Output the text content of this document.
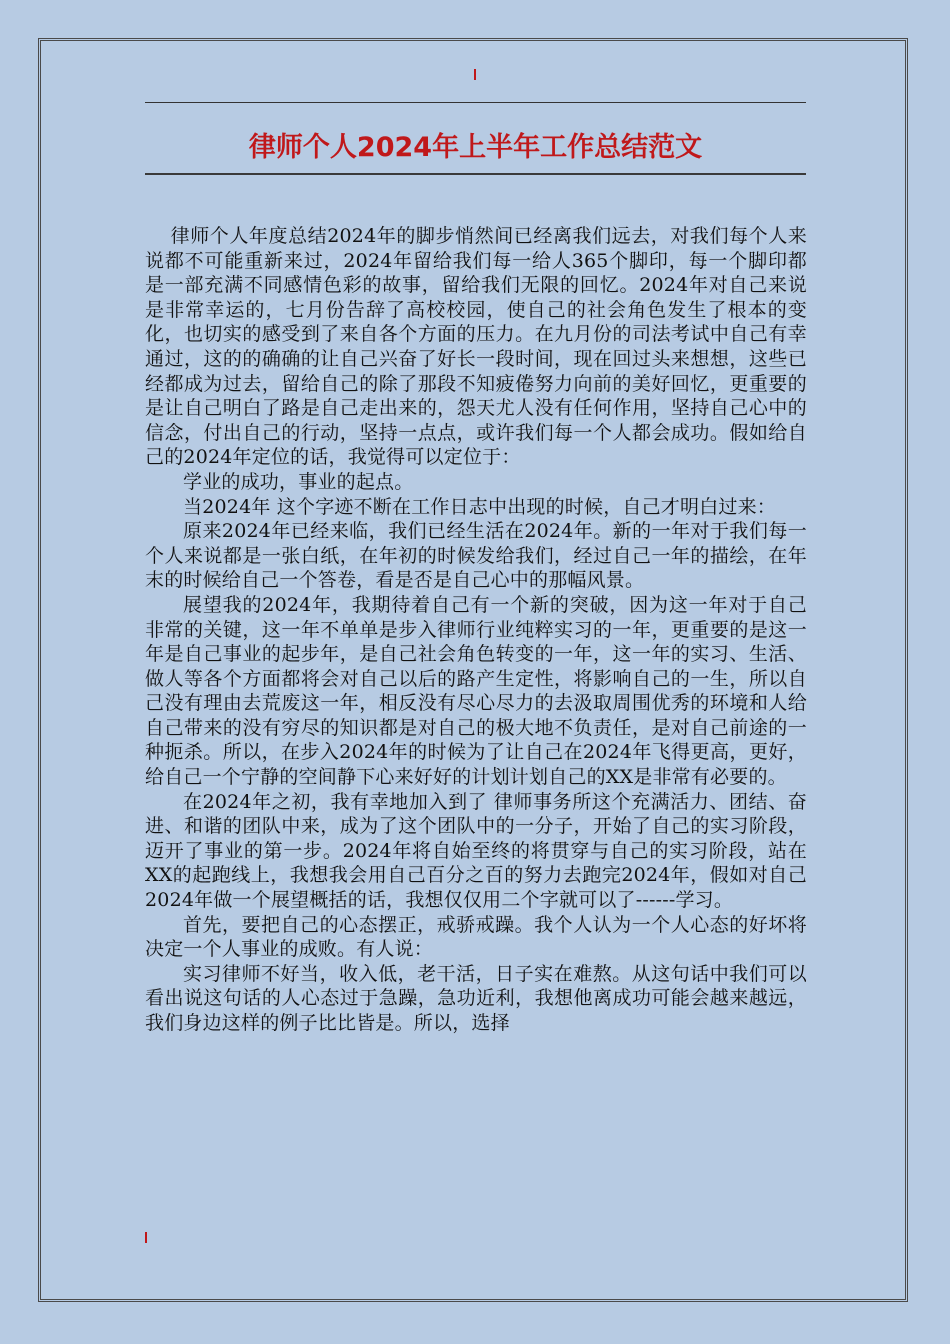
律师个人2024年上半年工作总结范文

律师个人年度总结2024年的脚步悄然间已经离我们远去，对我们每个人来说都不可能重新来过，2024年留给我们每一给人365个脚印，每一个脚印都是一部充满不同感情色彩的故事，留给我们无限的回忆。2024年对自己来说是非常幸运的，七月份告辞了高校校园，使自己的社会角色发生了根本的变化，也切实的感受到了来自各个方面的压力。在九月份的司法考试中自己有幸通过，这的的确确的让自己兴奋了好长一段时间，现在回过头来想想，这些已经都成为过去，留给自己的除了那段不知疲倦努力向前的美好回忆，更重要的是让自己明白了路是自己走出来的，怨天尤人没有任何作用，坚持自己心中的信念，付出自己的行动，坚持一点点，或许我们每一个人都会成功。假如给自己的2024年定位的话，我觉得可以定位于：

学业的成功，事业的起点。

当2024年 这个字迹不断在工作日志中出现的时候，自己才明白过来：

原来2024年已经来临，我们已经生活在2024年。新的一年对于我们每一个人来说都是一张白纸，在年初的时候发给我们，经过自己一年的描绘，在年末的时候给自己一个答卷，看是否是自己心中的那幅风景。

展望我的2024年，我期待着自己有一个新的突破，因为这一年对于自己非常的关键，这一年不单单是步入律师行业纯粹实习的一年，更重要的是这一年是自己事业的起步年，是自己社会角色转变的一年，这一年的实习、生活、做人等各个方面都将会对自己以后的路产生定性，将影响自己的一生，所以自己没有理由去荒废这一年，相反没有尽心尽力的去汲取周围优秀的环境和人给自己带来的没有穷尽的知识都是对自己的极大地不负责任，是对自己前途的一种扼杀。所以，在步入2024年的时候为了让自己在2024年飞得更高，更好，给自己一个宁静的空间静下心来好好的计划计划自己的XX是非常有必要的。

在2024年之初，我有幸地加入到了 律师事务所这个充满活力、团结、奋进、和谐的团队中来，成为了这个团队中的一分子，开始了自己的实习阶段，迈开了事业的第一步。2024年将自始至终的将贯穿与自己的实习阶段，站在XX的起跑线上，我想我会用自己百分之百的努力去跑完2024年，假如对自己2024年做一个展望概括的话，我想仅仅用二个字就可以了------学习。

首先，要把自己的心态摆正，戒骄戒躁。我个人认为一个人心态的好坏将决定一个人事业的成败。有人说：

实习律师不好当，收入低，老干活，日子实在难熬。从这句话中我们可以看出说这句话的人心态过于急躁，急功近利，我想他离成功可能会越来越远，我们身边这样的例子比比皆是。所以，选择
